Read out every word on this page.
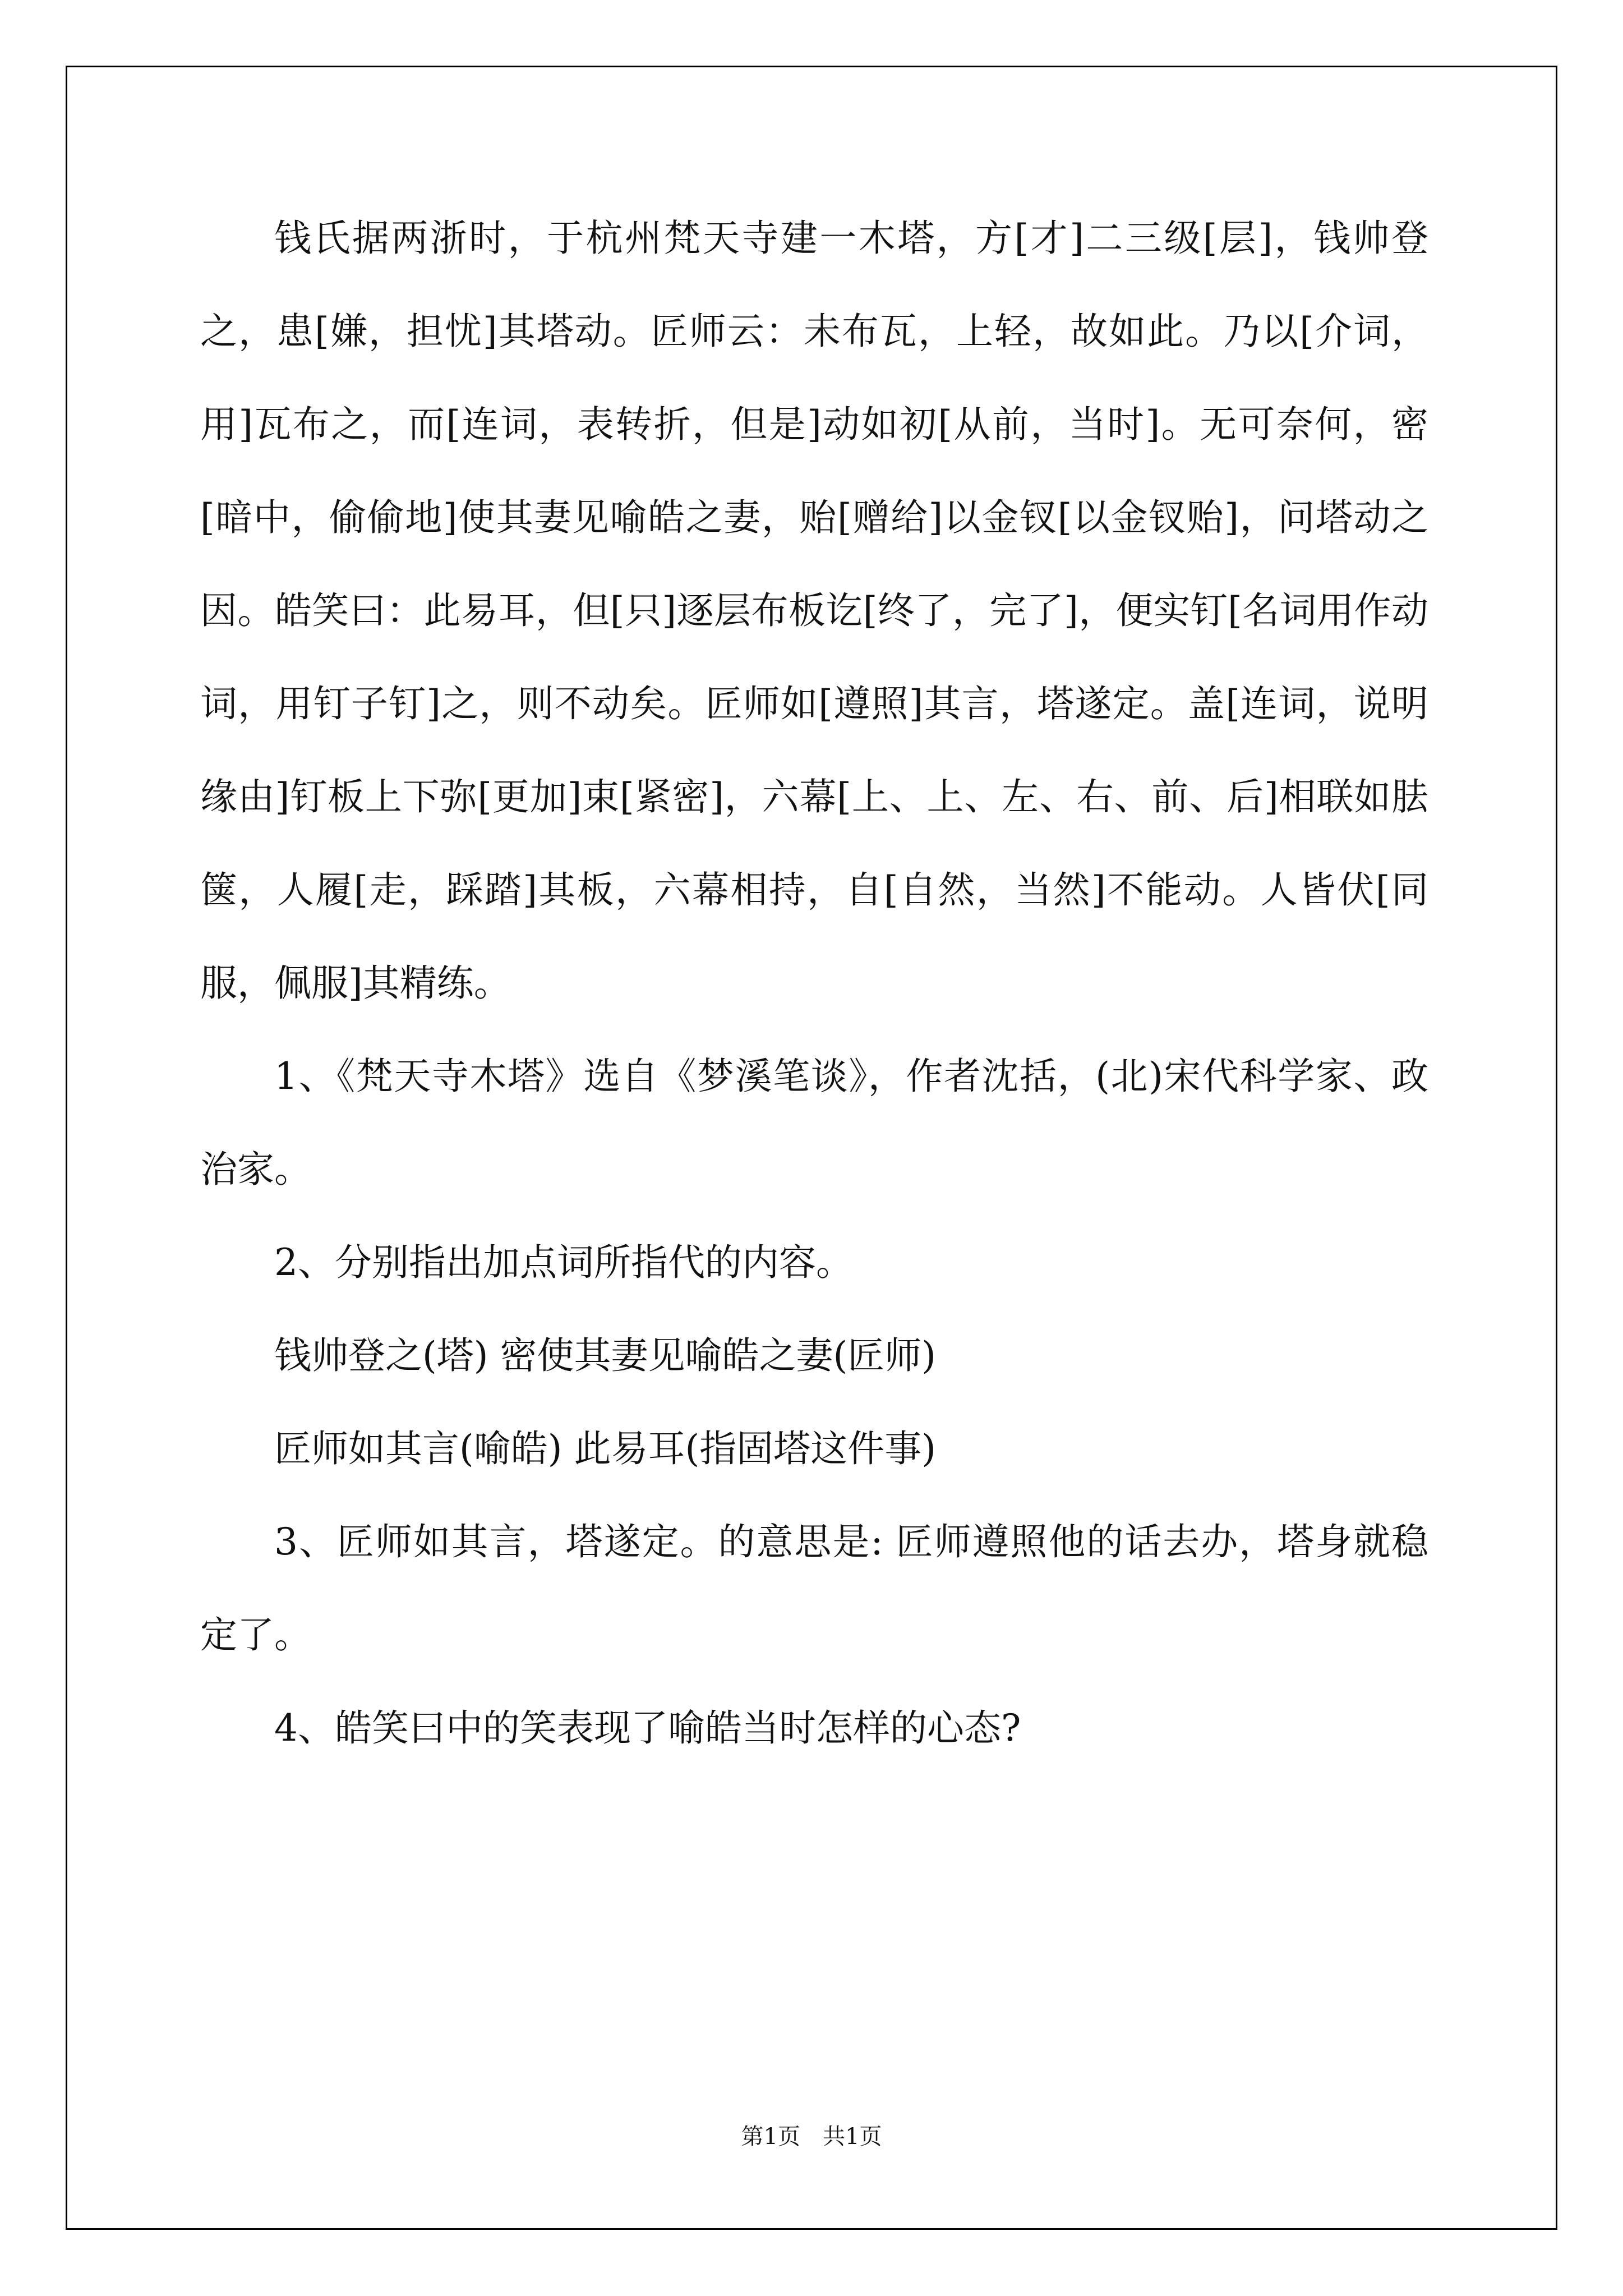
钱氏据两浙时，于杭州梵天寺建一木塔，方[才]二三级[层]，钱帅登之，患[嫌，担忧]其塔动。匠师云：未布瓦，上轻，故如此。乃以[介词，用]瓦布之，而[连词，表转折，但是]动如初[从前，当时]。无可奈何，密[暗中，偷偷地]使其妻见喻皓之妻，贻[赠给]以金钗[以金钗贻]，问塔动之因。皓笑曰：此易耳，但[只]逐层布板讫[终了，完了]，便实钉[名词用作动词，用钉子钉]之，则不动矣。匠师如[遵照]其言，塔遂定。盖[连词，说明缘由]钉板上下弥[更加]束[紧密]，六幕[上、上、左、右、前、后]相联如胠箧，人履[走，踩踏]其板，六幕相持，自[自然，当然]不能动。人皆伏[同服，佩服]其精练。

1、《梵天寺木塔》选自《梦溪笔谈》，作者沈括，(北)宋代科学家、政治家。

2、分别指出加点词所指代的内容。

钱帅登之(塔) 密使其妻见喻皓之妻(匠师)

匠师如其言(喻皓) 此易耳(指固塔这件事)

3、匠师如其言，塔遂定。的意思是: 匠师遵照他的话去办，塔身就稳定了。

4、皓笑曰中的笑表现了喻皓当时怎样的心态?

第1页　共1页
